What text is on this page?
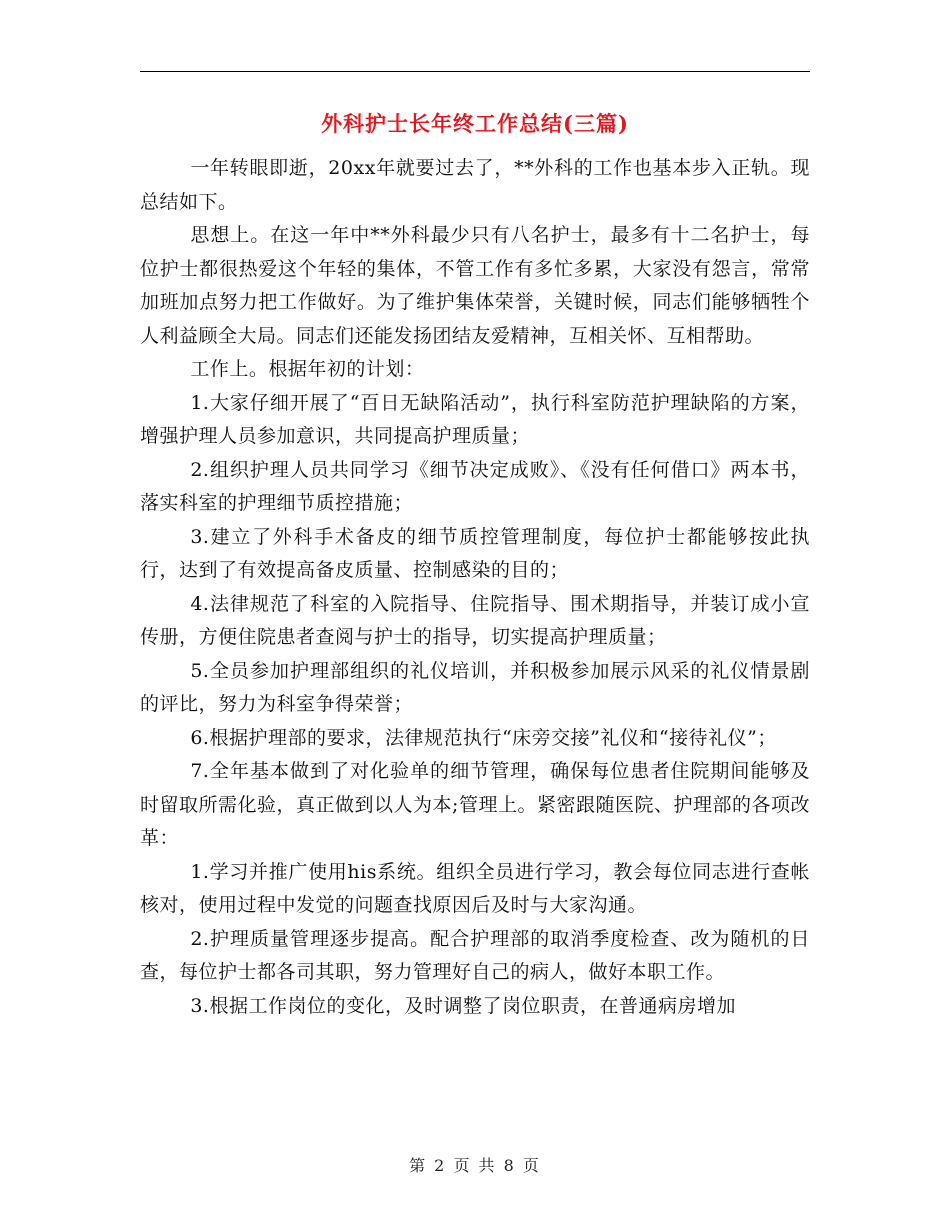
外科护士长年终工作总结(三篇)

一年转眼即逝，20xx年就要过去了，**外科的工作也基本步入正轨。现总结如下。

思想上。在这一年中**外科最少只有八名护士，最多有十二名护士，每位护士都很热爱这个年轻的集体，不管工作有多忙多累，大家没有怨言，常常加班加点努力把工作做好。为了维护集体荣誉，关键时候，同志们能够牺牲个人利益顾全大局。同志们还能发扬团结友爱精神，互相关怀、互相帮助。

工作上。根据年初的计划：

1.大家仔细开展了“百日无缺陷活动”，执行科室防范护理缺陷的方案，增强护理人员参加意识，共同提高护理质量；

2.组织护理人员共同学习《细节决定成败》、《没有任何借口》两本书，落实科室的护理细节质控措施；

3.建立了外科手术备皮的细节质控管理制度，每位护士都能够按此执行，达到了有效提高备皮质量、控制感染的目的；

4.法律规范了科室的入院指导、住院指导、围术期指导，并装订成小宣传册，方便住院患者查阅与护士的指导，切实提高护理质量；

5.全员参加护理部组织的礼仪培训，并积极参加展示风采的礼仪情景剧的评比，努力为科室争得荣誉；

6.根据护理部的要求，法律规范执行“床旁交接”礼仪和“接待礼仪”；

7.全年基本做到了对化验单的细节管理，确保每位患者住院期间能够及时留取所需化验，真正做到以人为本;管理上。紧密跟随医院、护理部的各项改革：

1.学习并推广使用his系统。组织全员进行学习，教会每位同志进行查帐核对，使用过程中发觉的问题查找原因后及时与大家沟通。

2.护理质量管理逐步提高。配合护理部的取消季度检查、改为随机的日查，每位护士都各司其职，努力管理好自己的病人，做好本职工作。

3.根据工作岗位的变化，及时调整了岗位职责，在普通病房增加

第 2 页 共 8 页
